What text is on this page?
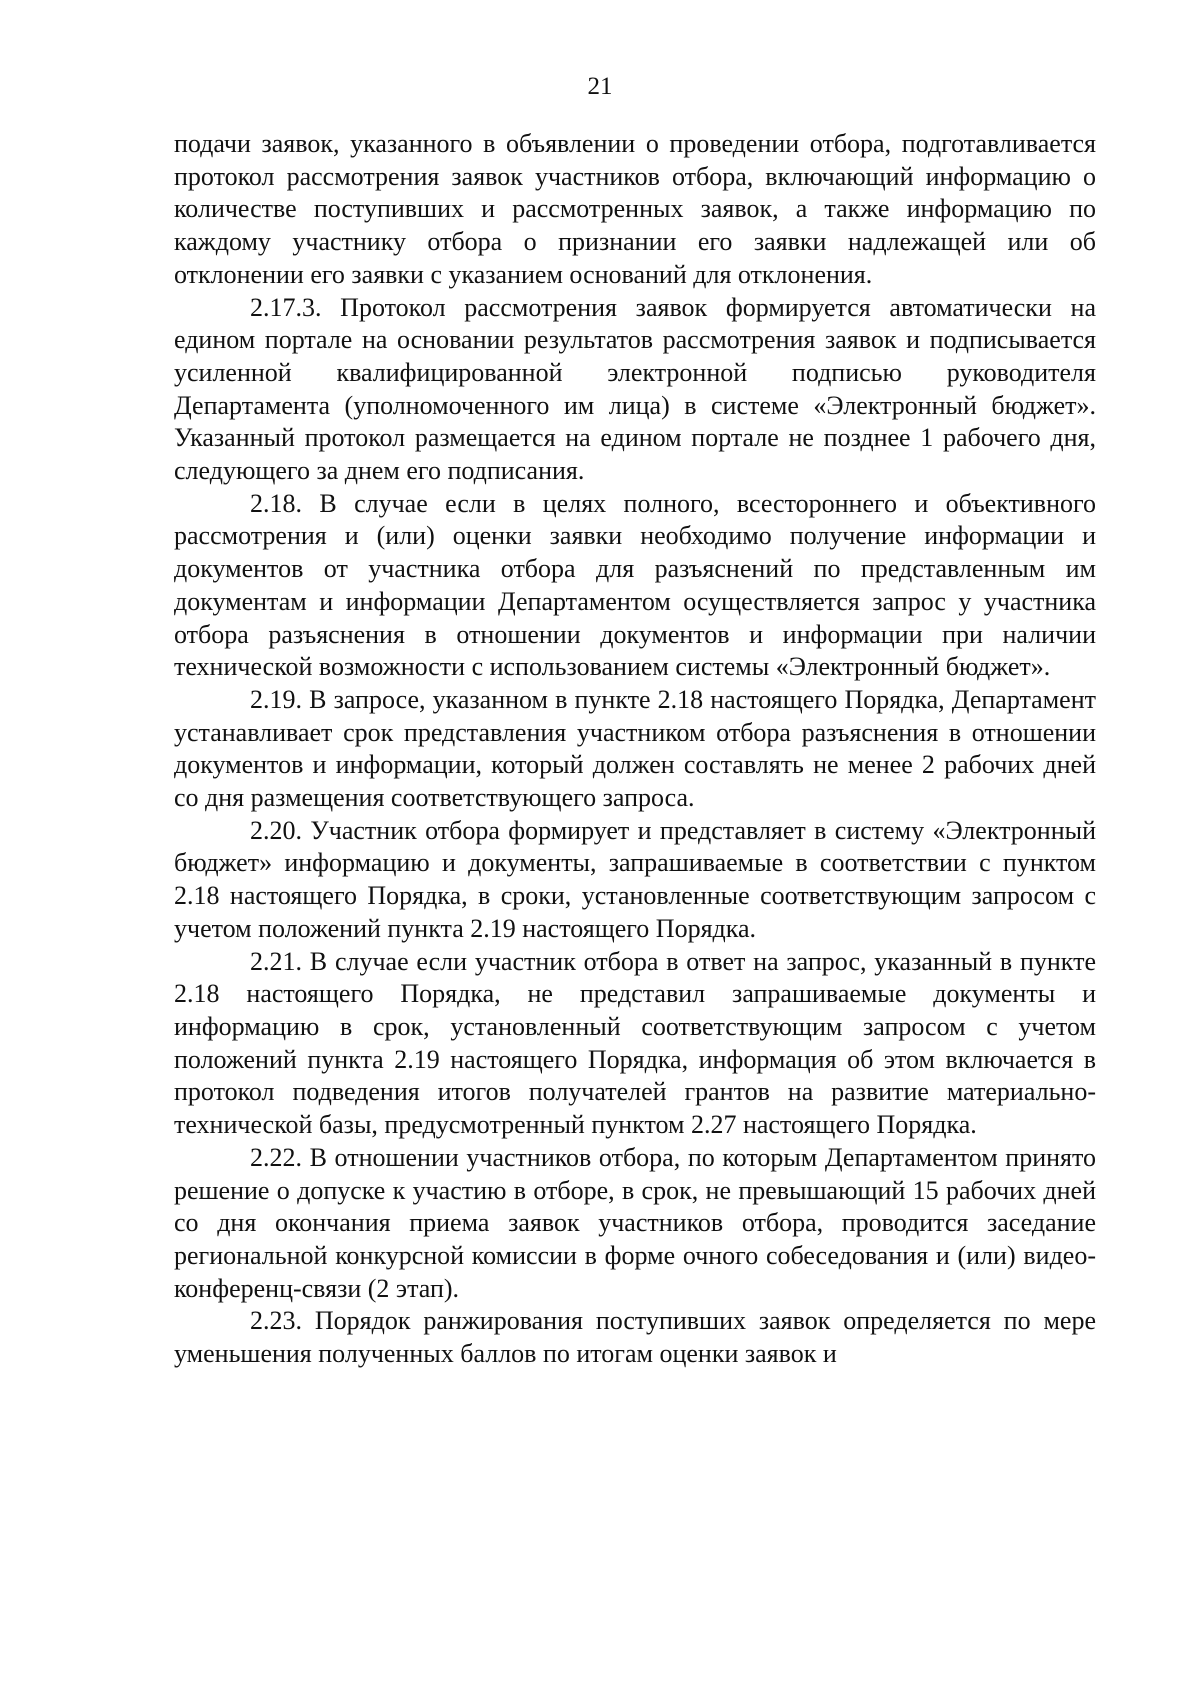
21

подачи заявок, указанного в объявлении о проведении отбора, подготавливается протокол рассмотрения заявок участников отбора, включающий информацию о количестве поступивших и рассмотренных заявок, а также информацию по каждому участнику отбора о признании его заявки надлежащей или об отклонении его заявки с указанием оснований для отклонения.

2.17.3. Протокол рассмотрения заявок формируется автоматически на едином портале на основании результатов рассмотрения заявок и подписывается усиленной квалифицированной электронной подписью руководителя Департамента (уполномоченного им лица) в системе «Электронный бюджет». Указанный протокол размещается на едином портале не позднее 1 рабочего дня, следующего за днем его подписания.

2.18. В случае если в целях полного, всестороннего и объективного рассмотрения и (или) оценки заявки необходимо получение информации и документов от участника отбора для разъяснений по представленным им документам и информации Департаментом осуществляется запрос у участника отбора разъяснения в отношении документов и информации при наличии технической возможности с использованием системы «Электронный бюджет».

2.19. В запросе, указанном в пункте 2.18 настоящего Порядка, Департамент устанавливает срок представления участником отбора разъяснения в отношении документов и информации, который должен составлять не менее 2 рабочих дней со дня размещения соответствующего запроса.

2.20. Участник отбора формирует и представляет в систему «Электронный бюджет» информацию и документы, запрашиваемые в соответствии с пунктом 2.18 настоящего Порядка, в сроки, установленные соответствующим запросом с учетом положений пункта 2.19 настоящего Порядка.

2.21. В случае если участник отбора в ответ на запрос, указанный в пункте 2.18 настоящего Порядка, не представил запрашиваемые документы и информацию в срок, установленный соответствующим запросом с учетом положений пункта 2.19 настоящего Порядка, информация об этом включается в протокол подведения итогов получателей грантов на развитие материально-технической базы, предусмотренный пунктом 2.27 настоящего Порядка.

2.22. В отношении участников отбора, по которым Департаментом принято решение о допуске к участию в отборе, в срок, не превышающий 15 рабочих дней со дня окончания приема заявок участников отбора, проводится заседание региональной конкурсной комиссии в форме очного собеседования и (или) видео-конференц-связи (2 этап).

2.23. Порядок ранжирования поступивших заявок определяется по мере уменьшения полученных баллов по итогам оценки заявок и
